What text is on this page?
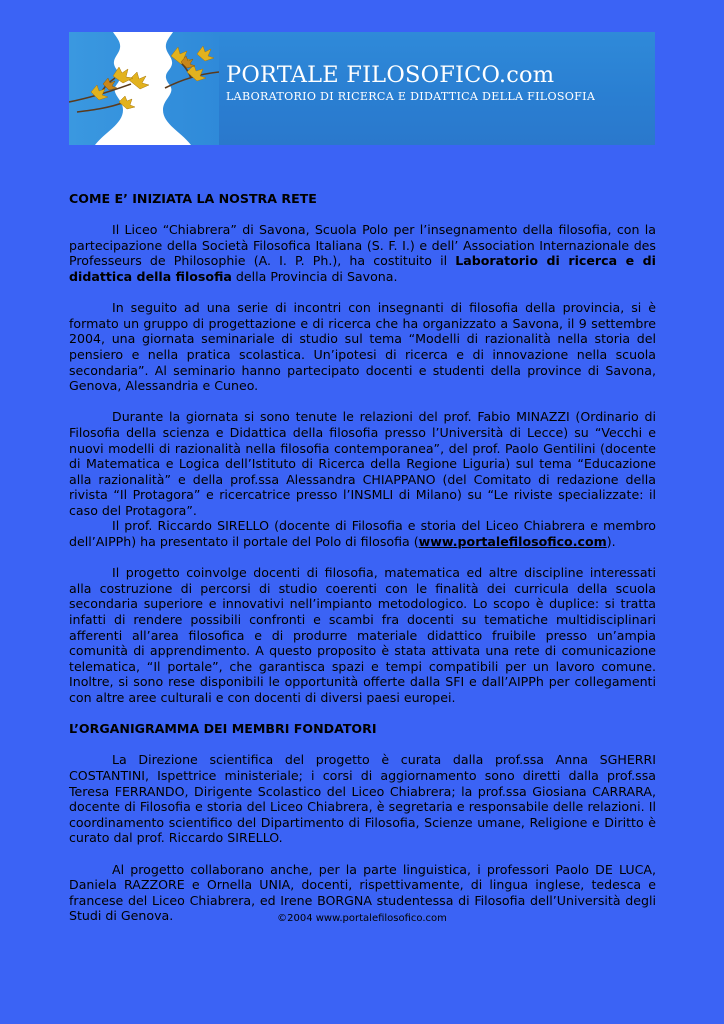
PORTALE FILOSOFICO.com
LABORATORIO DI RICERCA E DIDATTICA DELLA FILOSOFIA
COME E’ INIZIATA LA NOSTRA RETE

Il Liceo “Chiabrera” di Savona, Scuola Polo per l’insegnamento della filosofia, con la partecipazione della Società Filosofica Italiana (S. F. I.) e dell’ Association Internazionale des Professeurs de Philosophie (A. I. P. Ph.), ha costituito il Laboratorio di ricerca e di didattica della filosofia della Provincia di Savona.

In seguito ad una serie di incontri con insegnanti di filosofia della provincia, si è formato un gruppo di progettazione e di ricerca che ha organizzato a Savona, il 9 settembre 2004, una giornata seminariale di studio sul tema “Modelli di razionalità nella storia del pensiero e nella pratica scolastica. Un’ipotesi di ricerca e di innovazione nella scuola secondaria”. Al seminario hanno partecipato docenti e studenti della province di Savona, Genova, Alessandria e Cuneo.

Durante la giornata si sono tenute le relazioni del prof. Fabio MINAZZI (Ordinario di Filosofia della scienza e Didattica della filosofia presso l’Università di Lecce) su “Vecchi e nuovi modelli di razionalità nella filosofia contemporanea”, del prof. Paolo Gentilini (docente di Matematica e Logica dell’Istituto di Ricerca della Regione Liguria) sul tema “Educazione alla razionalità” e della prof.ssa Alessandra CHIAPPANO (del Comitato di redazione della rivista “Il Protagora” e ricercatrice presso l’INSMLI di Milano) su “Le riviste specializzate: il caso del Protagora”.

Il prof. Riccardo SIRELLO (docente di Filosofia e storia del Liceo Chiabrera e membro dell’AIPPh) ha presentato il portale del Polo di filosofia (www.portalefilosofico.com).

Il progetto coinvolge docenti di filosofia, matematica ed altre discipline interessati alla costruzione di percorsi di studio coerenti con le finalità dei curricula della scuola secondaria superiore e innovativi nell’impianto metodologico. Lo scopo è duplice: si tratta infatti di rendere possibili confronti e scambi fra docenti su tematiche multidisciplinari afferenti all’area filosofica e di produrre materiale didattico fruibile presso un’ampia comunità di apprendimento. A questo proposito è stata attivata una rete di comunicazione telematica, “Il portale”, che garantisca spazi e tempi compatibili per un lavoro comune. Inoltre, si sono rese disponibili le opportunità offerte dalla SFI e dall’AIPPh per collegamenti con altre aree culturali e con docenti di diversi paesi europei.

L’ORGANIGRAMMA DEI MEMBRI FONDATORI

La Direzione scientifica del progetto è curata dalla prof.ssa Anna SGHERRI COSTANTINI, Ispettrice ministeriale; i corsi di aggiornamento sono diretti dalla prof.ssa Teresa FERRANDO, Dirigente Scolastico del Liceo Chiabrera; la prof.ssa Giosiana CARRARA, docente di Filosofia e storia del Liceo Chiabrera, è segretaria e responsabile delle relazioni. Il coordinamento scientifico del Dipartimento di Filosofia, Scienze umane, Religione e Diritto è curato dal prof. Riccardo SIRELLO.

Al progetto collaborano anche, per la parte linguistica, i professori Paolo DE LUCA, Daniela RAZZORE e Ornella UNIA, docenti, rispettivamente, di lingua inglese, tedesca e francese del Liceo Chiabrera, ed Irene BORGNA studentessa di Filosofia dell’Università degli Studi di Genova.	©2004 www.portalefilosofico.com
